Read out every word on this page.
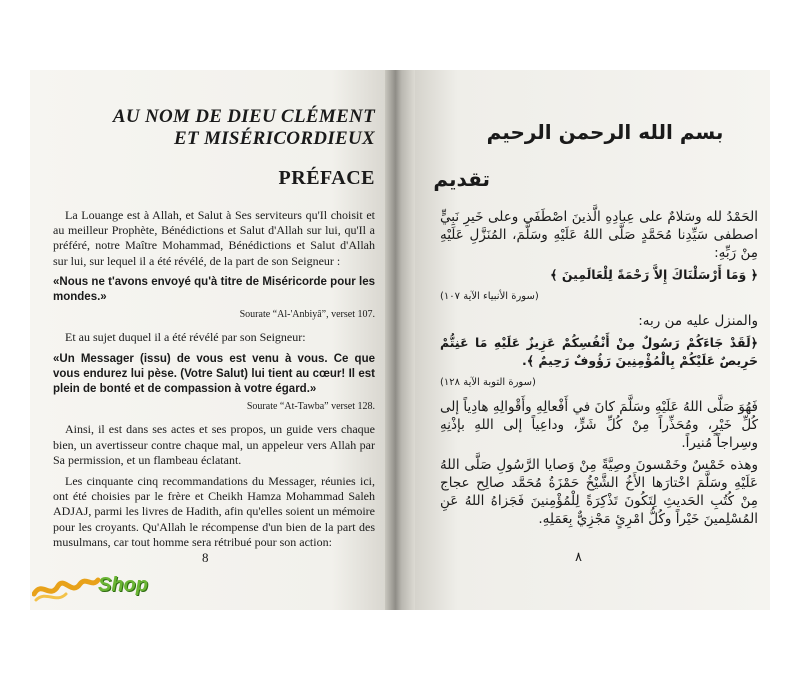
AU NOM DE DIEU CLÉMENT
ET MISÉRICORDIEUX
PRÉFACE

La Louange est à Allah, et Salut à Ses serviteurs qu'Il choisit et au meilleur Prophète, Bénédictions et Salut d'Allah sur lui, qu'Il a préféré, notre Maître Mohammad, Bénédictions et Salut d'Allah sur lui, sur lequel il a été révélé, de la part de son Seigneur :

«Nous ne t'avons envoyé qu'à titre de Miséricorde pour les mondes.»

Sourate “Al-'Anbiyâ”, verset 107.

Et au sujet duquel il a été révélé par son Seigneur:

«Un Messager (issu) de vous est venu à vous. Ce que vous endurez lui pèse. (Votre Salut) lui tient au cœur! Il est plein de bonté et de compassion à votre égard.»

Sourate “At-Tawba” verset 128.

Ainsi, il est dans ses actes et ses propos, un guide vers chaque bien, un avertisseur contre chaque mal, un appeleur vers Allah par Sa permission, et un flambeau éclatant.

Les cinquante cinq recommandations du Messager, réunies ici, ont été choisies par le frère et Cheikh Hamza Mohammad Saleh ADJAJ, parmi les livres de Hadith, afin qu'elles soient un mémoire pour les croyants. Qu'Allah le récompense d'un bien de la part des musulmans, car tout homme sera rétribué pour son action:

8
بسم الله الرحمن الرحيم
تقديم

الحَمْدُ لله وسَلامٌ على عِبادِهِ الَّذينَ اصْطَفَى وعلى خَيرِ نَبِيٍّ اصطفى سَيِّدِنا مُحَمَّدٍ صَلَّى اللهُ عَلَيْهِ وسَلَّمَ، المُنَزَّلِ عَلَيْهِ مِنْ رَبِّهِ:

﴿ وَمَا أَرْسَلْنَاكَ إِلاَّ رَحْمَةً لِلْعَالَمِينَ ﴾

(سورة الأنبياء الآية ١٠٧)

والمنزل عليه من ربه:

﴿لَقَدْ جَاءَكُمْ رَسُولٌ مِنْ أَنْفُسِكُمْ عَزِيزٌ عَلَيْهِ مَا عَنِتُّمْ حَرِيصٌ عَلَيْكُمْ بِالْمُؤْمِنِينَ رَؤُوفٌ رَحِيمٌ ﴾.

(سورة التوبة الآية ١٢٨)

فَهُوَ صَلَّى اللهُ عَلَيْهِ وسَلَّمَ كانَ في أَفْعالِهِ وأَقْوالِهِ هادِياً إلى كُلِّ خَيْرٍ، ومُحَذِّراً مِنْ كُلِّ شَرٍّ، وداعِياً إلى اللهِ بإذْنِهِ وسِراجاً مُنيراً.

وهذه خَمْسٌ وخَمْسونَ وصِيَّةً مِنْ وَصايا الرَّسُولِ صَلَّى اللهُ عَلَيْهِ وسَلَّمَ اخْتارَها الأَخُ الشَّيْخُ حَمْزَةُ مُحَمَّد صالِح عجاج مِنْ كُتُبِ الحَديثِ لِتَكُونَ تَذْكِرَةً لِلْمُؤْمِنينَ فَجَزاهُ اللهُ عَنِ المُسْلِمينَ خَيْراً وكُلُّ امْرِئٍ مَجْزِيٌّ بِعَمَلِهِ.

٨
Shop
